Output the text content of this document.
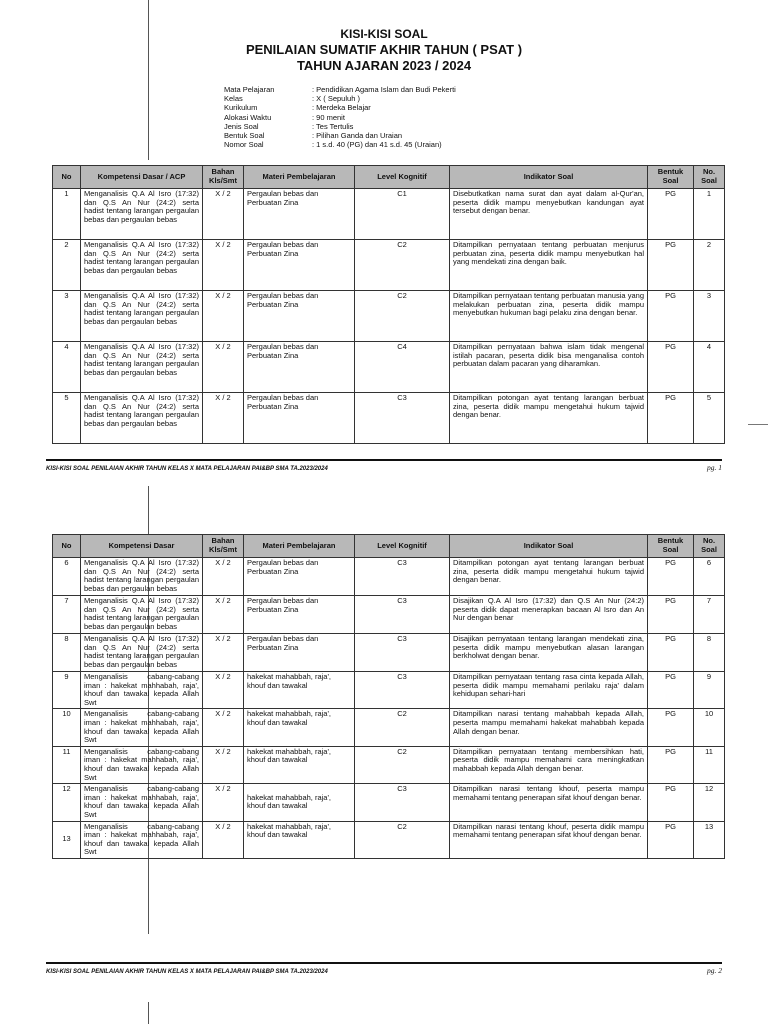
KISI-KISI SOAL
PENILAIAN SUMATIF AKHIR TAHUN ( PSAT )
TAHUN AJARAN 2023 / 2024
Mata Pelajaran	: Pendidikan Agama Islam dan Budi Pekerti
Kelas	: X ( Sepuluh )
Kurikulum	: Merdeka Belajar
Alokasi Waktu	: 90 menit
Jenis Soal	: Tes Tertulis
Bentuk Soal	: Pilihan Ganda dan Uraian
Nomor Soal	: 1 s.d. 40 (PG) dan 41 s.d. 45 (Uraian)
No	Kompetensi Dasar / ACP	Bahan Kls/Smt	Materi Pembelajaran	Level Kognitif	Indikator Soal	Bentuk Soal	No. Soal
1	Menganalisis Q.A Al Isro (17:32) dan Q.S An Nur (24:2) serta hadist tentang larangan pergaulan bebas dan pergaulan bebas	X / 2	Pergaulan bebas dan Perbuatan Zina	C1	Disebutkatkan nama surat dan ayat dalam al-Qur'an, peserta didik mampu menyebutkan kandungan ayat tersebut dengan benar.	PG	1
2	Menganalisis Q.A Al Isro (17:32) dan Q.S An Nur (24:2) serta hadist tentang larangan pergaulan bebas dan pergaulan bebas	X / 2	Pergaulan bebas dan Perbuatan Zina	C2	Ditampilkan pernyataan tentang perbuatan menjurus perbuatan zina, peserta didik mampu menyebutkan hal yang mendekati zina dengan baik.	PG	2
3	Menganalisis Q.A Al Isro (17:32) dan Q.S An Nur (24:2) serta hadist tentang larangan pergaulan bebas dan pergaulan bebas	X / 2	Pergaulan bebas dan Perbuatan Zina	C2	Ditampilkan pernyataan tentang perbuatan manusia yang melakukan perbuatan zina, peserta didik mampu menyebutkan hukuman bagi pelaku zina dengan benar.	PG	3
4	Menganalisis Q.A Al Isro (17:32) dan Q.S An Nur (24:2) serta hadist tentang larangan pergaulan bebas dan pergaulan bebas	X / 2	Pergaulan bebas dan Perbuatan Zina	C4	Ditampilkan pernyataan bahwa islam tidak mengenal istilah pacaran, peserta didik bisa menganalisa contoh perbuatan dalam pacaran yang diharamkan.	PG	4
5	Menganalisis Q.A Al Isro (17:32) dan Q.S An Nur (24:2) serta hadist tentang larangan pergaulan bebas dan pergaulan bebas	X / 2	Pergaulan bebas dan Perbuatan Zina	C3	Ditampilkan potongan ayat tentang larangan berbuat zina, peserta didik mampu mengetahui hukum tajwid dengan benar.	PG	5
KISI-KISI SOAL PENILAIAN AKHIR TAHUN KELAS X MATA PELAJARAN PAI&BP SMA TA.2023/2024	pg. 1
No	Kompetensi Dasar	Bahan Kls/Smt	Materi Pembelajaran	Level Kognitif	Indikator Soal	Bentuk Soal	No. Soal
6	Menganalisis Q.A Al Isro (17:32) dan Q.S An Nur (24:2) serta hadist tentang larangan pergaulan bebas dan pergaulan bebas	X / 2	Pergaulan bebas dan Perbuatan Zina	C3	Ditampilkan potongan ayat tentang larangan berbuat zina, peserta didik mampu mengetahui hukum tajwid dengan benar.	PG	6
7	Menganalisis Q.A Al Isro (17:32) dan Q.S An Nur (24:2) serta hadist tentang larangan pergaulan bebas dan pergaulan bebas	X / 2	Pergaulan bebas dan Perbuatan Zina	C3	Disajikan Q.A Al Isro (17:32) dan Q.S An Nur (24:2) peserta didik dapat menerapkan bacaan Al Isro dan An Nur dengan benar	PG	7
8	Menganalisis Q.A Al Isro (17:32) dan Q.S An Nur (24:2) serta hadist tentang larangan pergaulan bebas dan pergaulan bebas	X / 2	Pergaulan bebas dan Perbuatan Zina	C3	Disajikan pernyataan tentang larangan mendekati zina, peserta didik mampu menyebutkan alasan larangan berkholwat dengan benar.	PG	8
9	Menganalisis cabang-cabang iman : hakekat mahhabah, raja', khouf dan tawakal kepada Allah Swt	X / 2	hakekat mahabbah, raja', khouf dan tawakal	C3	Ditampilkan pernyataan tentang rasa cinta kepada Allah, peserta didik mampu memahami perilaku raja' dalam kehidupan sehari-hari	PG	9
10	Menganalisis cabang-cabang iman : hakekat mahhabah, raja', khouf dan tawakal kepada Allah Swt	X / 2	hakekat mahabbah, raja', khouf dan tawakal	C2	Ditampilkan narasi tentang mahabbah kepada Allah, peserta mampu memahami hakekat mahabbah kepada Allah dengan benar.	PG	10
11	Menganalisis cabang-cabang iman : hakekat mahhabah, raja', khouf dan tawakal kepada Allah Swt	X / 2	hakekat mahabbah, raja', khouf dan tawakal	C2	Ditampilkan pernyataan tentang membersihkan hati, peserta didik mampu memahami cara meningkatkan mahabbah kepada Allah dengan benar.	PG	11
12	Menganalisis cabang-cabang iman : hakekat mahhabah, raja', khouf dan tawakal kepada Allah Swt	X / 2	hakekat mahabbah, raja', khouf dan tawakal	C3	Ditampilkan narasi tentang khouf, peserta mampu memahami tentang penerapan sifat khouf dengan benar.	PG	12
13	Menganalisis cabang-cabang iman : hakekat mahhabah, raja', khouf dan tawakal kepada Allah Swt	X / 2	hakekat mahabbah, raja', khouf dan tawakal	C2	Ditampilkan narasi tentang khouf, peserta didik mampu memahami tentang penerapan sifat khouf dengan benar.	PG	13
KISI-KISI SOAL PENILAIAN AKHIR TAHUN KELAS X MATA PELAJARAN PAI&BP SMA TA.2023/2024	pg. 2
